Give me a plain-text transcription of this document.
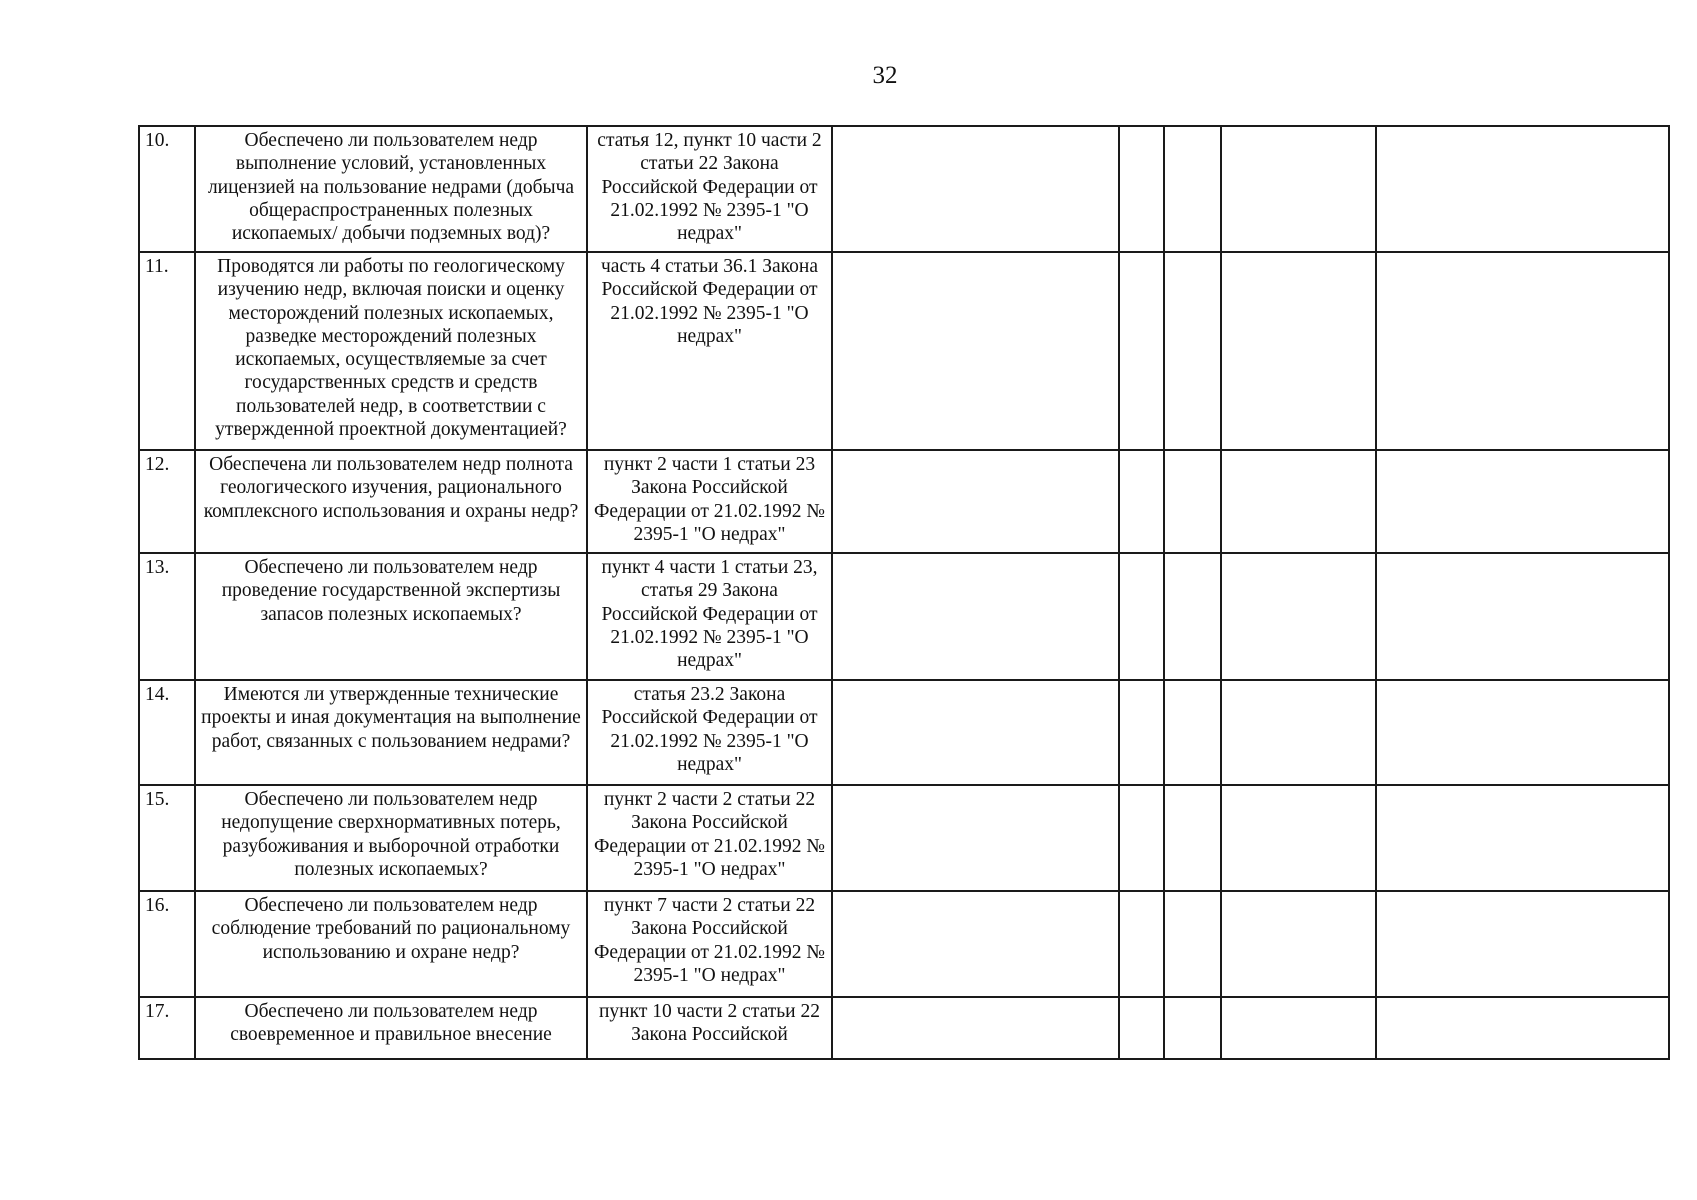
32
10.	Обеспечено ли пользователем недр выполнение условий, установленных лицензией на пользование недрами (добыча общераспространенных полезных ископаемых/ добычи подземных вод)?	статья 12, пункт 10 части 2 статьи 22 Закона Российской Федерации от 21.02.1992 № 2395-1 "О недрах"					
11.	Проводятся ли работы по геологическому изучению недр, включая поиски и оценку месторождений полезных ископаемых, разведке месторождений полезных ископаемых, осуществляемые за счет государственных средств и средств пользователей недр, в соответствии с утвержденной проектной документацией?	часть 4 статьи 36.1 Закона Российской Федерации от 21.02.1992 № 2395-1 "О недрах"					
12.	Обеспечена ли пользователем недр полнота геологического изучения, рационального комплексного использования и охраны недр?	пункт 2 части 1 статьи 23 Закона Российской Федерации от 21.02.1992 № 2395-1 "О недрах"					
13.	Обеспечено ли пользователем недр проведение государственной экспертизы запасов полезных ископаемых?	пункт 4 части 1 статьи 23, статья 29 Закона Российской Федерации от 21.02.1992 № 2395-1 "О недрах"					
14.	Имеются ли утвержденные технические проекты и иная документация на выполнение работ, связанных с пользованием недрами?	статья 23.2 Закона Российской Федерации от 21.02.1992 № 2395-1 "О недрах"					
15.	Обеспечено ли пользователем недр недопущение сверхнормативных потерь, разубоживания и выборочной отработки полезных ископаемых?	пункт 2 части 2 статьи 22 Закона Российской Федерации от 21.02.1992 № 2395-1 "О недрах"					
16.	Обеспечено ли пользователем недр соблюдение требований по рациональному использованию и охране недр?	пункт 7 части 2 статьи 22 Закона Российской Федерации от 21.02.1992 № 2395-1 "О недрах"					
17.	Обеспечено ли пользователем недр своевременное и правильное внесение	пункт 10 части 2 статьи 22 Закона Российской					
